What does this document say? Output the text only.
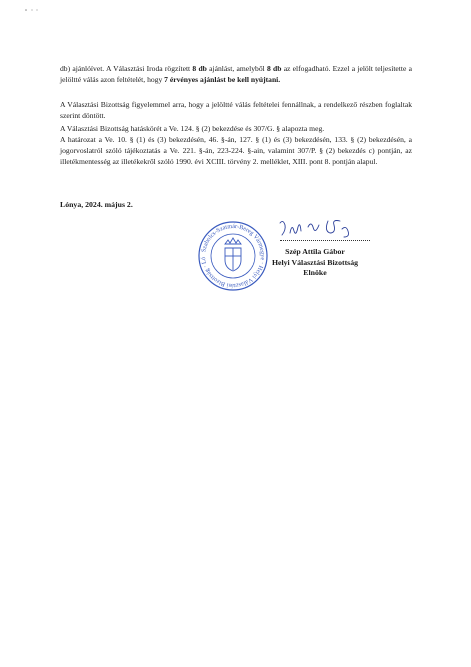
db) ajánlóívet. A Választási Iroda rögzített 8 db ajánlást, amelyből 8 db az elfogadható. Ezzel a jelölt teljesítette a jelöltté válás azon feltételét, hogy 7 érvényes ajánlást be kell nyújtani.

A Választási Bizottság figyelemmel arra, hogy a jelöltté válás feltételei fennállnak, a rendelkező részben foglaltak szerint döntött.

A Választási Bizottság hatáskörét a Ve. 124. § (2) bekezdése és 307/G. § alapozta meg.
A határozat a Ve. 10. § (1) és (3) bekezdésén, 46. §-án, 127. § (1) és (3) bekezdésén, 133. § (2) bekezdésén, a jogorvoslatról szóló tájékoztatás a Ve. 221. §-án, 223-224. §-ain, valamint 307/P. § (2) bekezdés c) pontján, az illetékmentesség az illetékekről szóló 1990. évi XCIII. törvény 2. melléklet, XIII. pont 8. pontján alapul.
Lónya, 2024. május 2.
Szabolcs-Szatmár-Bereg Vármegye · Helyi Választási Bizottság · Ló
Szép Attila Gábor
Helyi Választási Bizottság
Elnöke
